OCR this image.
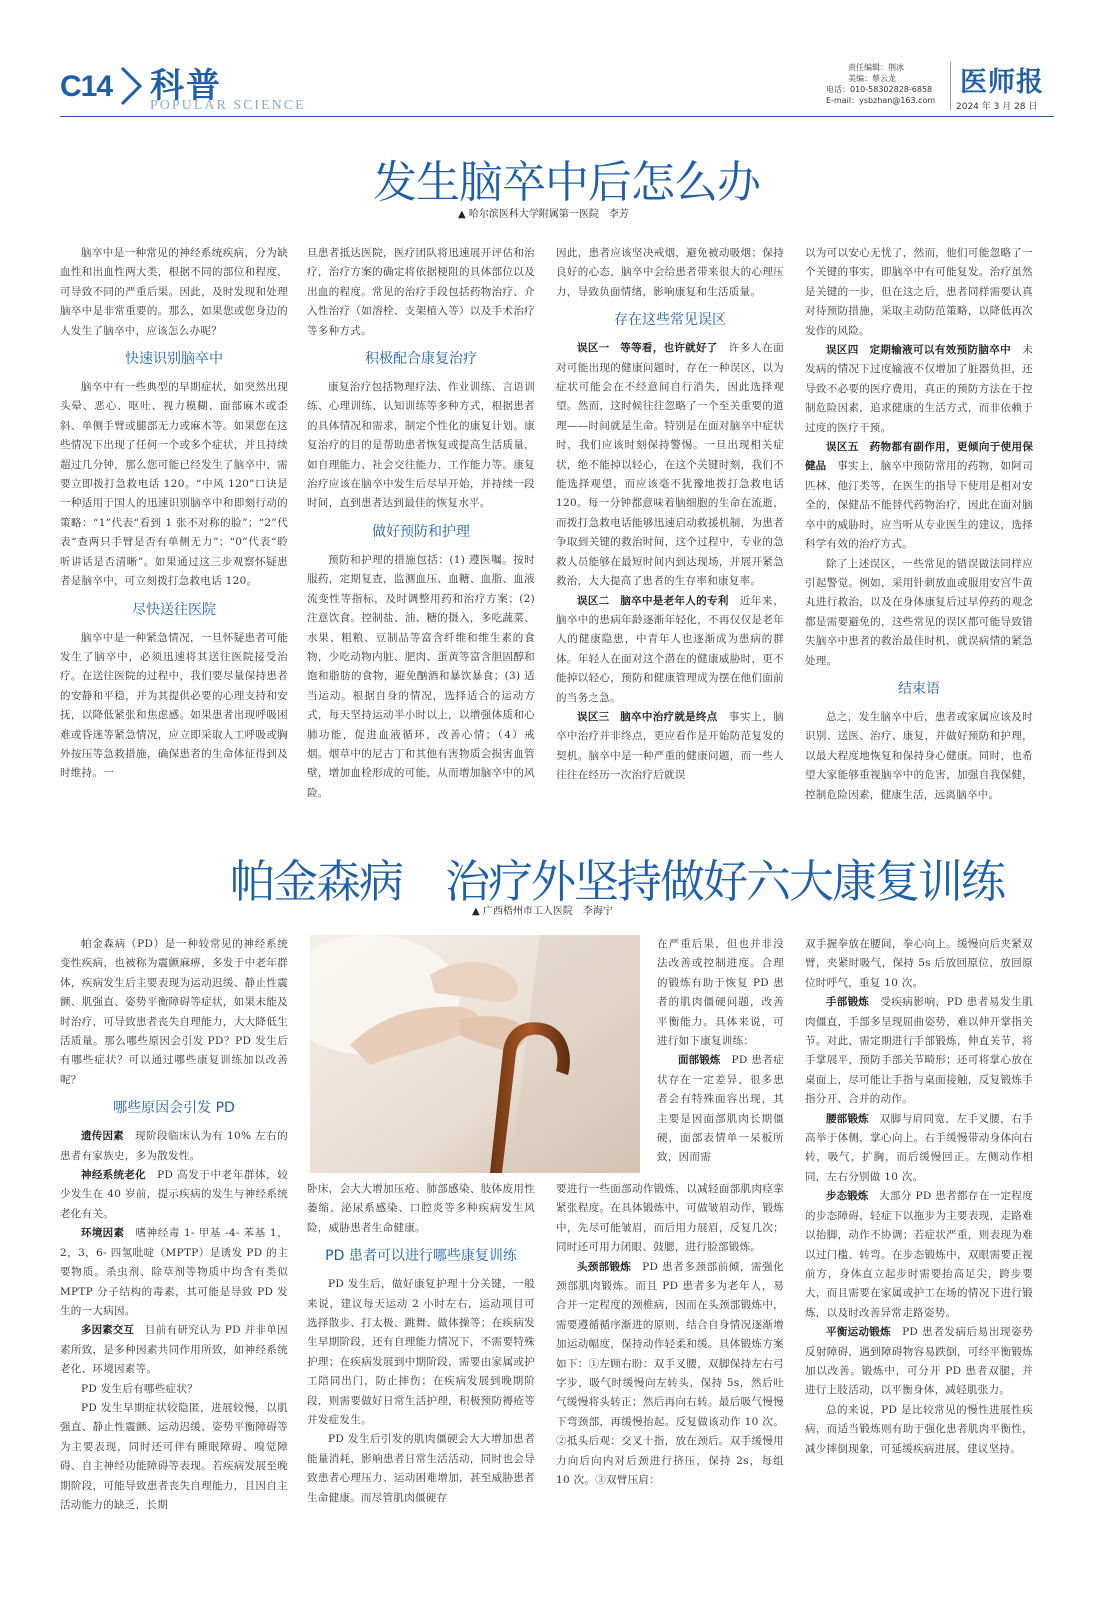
C14 科普
POPULAR SCIENCE
责任编辑：荆冰
美编：蔡云龙
电话：010-58302828-6858
E-mail：ysbzhan@163.com
医师报
2024 年 3 月 28 日
发生脑卒中后怎么办
▲ 哈尔滨医科大学附属第一医院　李芳

脑卒中是一种常见的神经系统疾病，分为缺血性和出血性两大类，根据不同的部位和程度，可导致不同的严重后果。因此，及时发现和处理脑卒中是非常重要的。那么，如果您或您身边的人发生了脑卒中，应该怎么办呢？

快速识别脑卒中

脑卒中有一些典型的早期症状，如突然出现头晕、恶心、呕吐、视力模糊、面部麻木或歪斜、单侧手臂或腿部无力或麻木等。如果您在这些情况下出现了任何一个或多个症状，并且持续超过几分钟，那么您可能已经发生了脑卒中，需要立即拨打急救电话 120。“中风 120”口诀是一种适用于国人的迅速识别脑卒中和即刻行动的策略：“1”代表“看到 1 张不对称的脸”；“2”代表“查两只手臂是否有单侧无力”；“0”代表“聆听讲话是否清晰”。如果通过这三步观察怀疑患者是脑卒中，可立刻拨打急救电话 120。

尽快送往医院

脑卒中是一种紧急情况，一旦怀疑患者可能发生了脑卒中，必须迅速将其送往医院接受治疗。在送往医院的过程中，我们要尽量保持患者的安静和平稳，并为其提供必要的心理支持和安抚，以降低紧张和焦虑感。如果患者出现呼吸困难或昏迷等紧急情况，应立即采取人工呼吸或胸外按压等急救措施，确保患者的生命体征得到及时维持。一

旦患者抵达医院，医疗团队将迅速展开评估和治疗，治疗方案的确定将依据梗阻的具体部位以及出血的程度。常见的治疗手段包括药物治疗、介入性治疗（如溶栓、支架植入等）以及手术治疗等多种方式。

积极配合康复治疗

康复治疗包括物理疗法、作业训练、言语训练、心理训练、认知训练等多种方式，根据患者的具体情况和需求，制定个性化的康复计划。康复治疗的目的是帮助患者恢复或提高生活质量，如自理能力、社会交往能力、工作能力等。康复治疗应该在脑卒中发生后尽早开始，并持续一段时间，直到患者达到最佳的恢复水平。

做好预防和护理

预防和护理的措施包括：(1) 遵医嘱。按时服药，定期复查，监测血压、血糖、血脂、血液流变性等指标，及时调整用药和治疗方案；(2) 注意饮食。控制盐、油、糖的摄入，多吃蔬菜、水果、粗粮、豆制品等富含纤维和维生素的食物，少吃动物内脏、肥肉、蛋黄等富含胆固醇和饱和脂肪的食物，避免酗酒和暴饮暴食；(3) 适当运动。根据自身的情况，选择适合的运动方式，每天坚持运动半小时以上，以增强体质和心肺功能，促进血液循环，改善心情；（4）戒烟。烟草中的尼古丁和其他有害物质会损害血管壁，增加血栓形成的可能，从而增加脑卒中的风险。

因此，患者应该坚决戒烟，避免被动吸烟；保持良好的心态，脑卒中会给患者带来很大的心理压力，导致负面情绪，影响康复和生活质量。

存在这些常见误区

误区一　等等看，也许就好了　 许多人在面对可能出现的健康问题时，存在一种误区，以为症状可能会在不经意间自行消失，因此选择观望。然而，这时候往往忽略了一个至关重要的道理——时间就是生命。特别是在面对脑卒中症状时，我们应该时刻保持警惕。一旦出现相关症状，绝不能掉以轻心，在这个关键时刻，我们不能选择观望，而应该毫不犹豫地拨打急救电话 120。每一分钟都意味着脑细胞的生命在流逝，而拨打急救电话能够迅速启动救援机制，为患者争取到关键的救治时间，这个过程中，专业的急救人员能够在最短时间内到达现场，并展开紧急救治，大大提高了患者的生存率和康复率。

误区二　脑卒中是老年人的专利　 近年来，脑卒中的患病年龄逐渐年轻化，不再仅仅是老年人的健康隐患，中青年人也逐渐成为患病的群体。年轻人在面对这个潜在的健康威胁时，更不能掉以轻心，预防和健康管理成为摆在他们面前的当务之急。

误区三　脑卒中治疗就是终点　 事实上，脑卒中治疗并非终点，更应看作是开始防范复发的契机。脑卒中是一种严重的健康问题，而一些人往往在经历一次治疗后就误

以为可以安心无忧了，然而，他们可能忽略了一个关键的事实，即脑卒中有可能复发。治疗虽然是关键的一步，但在这之后，患者同样需要认真对待预防措施，采取主动防范策略，以降低再次发作的风险。

误区四　定期输液可以有效预防脑卒中　 未发病的情况下过度输液不仅增加了脏器负担，还导致不必要的医疗费用，真正的预防方法在于控制危险因素，追求健康的生活方式，而非依赖于过度的医疗干预。

误区五　药物都有副作用，更倾向于使用保健品　 事实上，脑卒中预防常用的药物，如阿司匹林、他汀类等，在医生的指导下使用是相对安全的，保健品不能替代药物治疗，因此在面对脑卒中的威胁时，应当听从专业医生的建议，选择科学有效的治疗方式。

除了上述误区，一些常见的错误做法同样应引起警觉。例如，采用针刺放血或服用安宫牛黄丸进行救治，以及在身体康复后过早停药的观念都是需要避免的，这些常见的误区都可能导致错失脑卒中患者的救治最佳时机，就误病情的紧急处理。

结束语

总之，发生脑卒中后，患者或家属应该及时识别、送医、治疗、康复，并做好预防和护理，以最大程度地恢复和保持身心健康。同时，也希望大家能够重视脑卒中的危害，加强自我保健，控制危险因素，健康生活，远离脑卒中。

帕金森病　治疗外坚持做好六大康复训练
▲ 广西梧州市工人医院　李海宁

帕金森病（PD）是一种较常见的神经系统变性疾病，也被称为震颤麻痹，多发于中老年群体，疾病发生后主要表现为运动迟缓、静止性震颤、肌强直、姿势平衡障碍等症状，如果未能及时治疗，可导致患者丧失自理能力，大大降低生活质量。那么哪些原因会引发 PD？PD 发生后有哪些症状？可以通过哪些康复训练加以改善呢？

哪些原因会引发 PD

遗传因素　 现阶段临床认为有 10% 左右的患者有家族史，多为散发性。

神经系统老化　 PD 高发于中老年群体，较少发生在 40 岁前，提示疾病的发生与神经系统老化有关。

环境因素　 嗜神经毒 1- 甲基 -4- 苯基 1，2，3，6- 四氢吡啶（MPTP）是诱发 PD 的主要物质。杀虫剂、除草剂等物质中均含有类似 MPTP 分子结构的毒素，其可能是导致 PD 发生的一大病因。

多因素交互　 目前有研究认为 PD 并非单因素所致，是多种因素共同作用所致，如神经系统老化、环境因素等。

PD 发生后有哪些症状？

PD 发生早期症状较隐匿，进展较慢，以肌强直、静止性震颤、运动迟缓、姿势平衡障碍等为主要表现，同时还可伴有睡眠障碍、嗅觉障碍、自主神经功能障碍等表现。若疾病发展至晚期阶段，可能导致患者丧失自理能力，且因自主活动能力的缺乏，长期

卧床，会大大增加压疮、肺部感染、肢体废用性萎缩、泌尿系感染、口腔炎等多种疾病发生风险，威胁患者生命健康。

PD 患者可以进行哪些康复训练

PD 发生后，做好康复护理十分关键，一般来说，建议每天运动 2 小时左右，运动项目可选择散步、打太极、跳舞、做体操等；在疾病发生早期阶段，还有自理能力情况下，不需要特殊护理；在疾病发展到中期阶段，需要由家属或护工陪同出门，防止摔伤；在疾病发展到晚期阶段，则需要做好日常生活护理，积极预防褥疮等并发症发生。

PD 发生后引发的肌肉僵硬会大大增加患者能量消耗，影响患者日常生活活动，同时也会导致患者心理压力、运动困难增加，甚至威胁患者生命健康。而尽管肌肉僵硬存

在严重后果，但也并非没法改善或控制进度。合理的锻炼有助于恢复 PD 患者的肌肉僵硬问题，改善平衡能力。具体来说，可进行如下康复训练：

面部锻炼　 PD 患者症状存在一定差异，很多患者会有特殊面容出现，其主要是因面部肌肉长期僵硬，面部表情单一呆板所致，因而需

要进行一些面部动作锻炼，以减轻面部肌肉痉挛紧张程度。在具体锻炼中，可做皱眉动作，锻炼中，先尽可能皱眉，而后用力展眉，反复几次；同时还可用力闭眼、鼓腮，进行脸部锻炼。

头颈部锻炼　 PD 患者多颈部前倾，需强化颈部肌肉锻炼。而且 PD 患者多为老年人，易合并一定程度的颈椎病，因而在头颈部锻炼中，需要遵循循序渐进的原则，结合自身情况逐渐增加运动幅度，保持动作轻柔和缓。具体锻炼方案如下：①左顾右盼：双手叉腰，双脚保持左右弓字步，吸气时缓慢向左转头，保持 5s，然后吐气缓慢将头转正；然后再向右转。最后吸气慢慢下弯颈部，再缓慢抬起。反复做该动作 10 次。②抵头后观：交叉十指，放在颈后。双手缓慢用力向后向内对后颈进行挤压，保持 2s，每组 10 次。③双臂压肩：

双手握拳放在腰间，拳心向上。缓慢向后夹紧双臂，夹紧时吸气，保持 5s 后放回原位，放回原位时呼气，重复 10 次。

手部锻炼　 受疾病影响，PD 患者易发生肌肉僵直，手部多呈现屈曲姿势，难以伸开掌指关节。对此，需定期进行手部锻炼，伸直关节，将手掌展平，预防手部关节畸形；还可将掌心放在桌面上，尽可能让手指与桌面接触，反复锻炼手指分开、合并的动作。

腰部锻炼　 双脚与肩同宽，左手叉腰，右手高举于体侧，掌心向上。右手缓慢带动身体向右转，吸气，扩胸，而后缓慢回正。左侧动作相同，左右分别做 10 次。

步态锻炼　 大部分 PD 患者都存在一定程度的步态障碍，轻症下以拖步为主要表现，走路难以抬脚，动作不协调；若症状严重，则表现为难以过门槛、转弯。在步态锻炼中，双眼需要正视前方，身体直立起步时需要抬高足尖，跨步要大，而且需要在家属或护工在场的情况下进行锻炼，以及时改善异常走路姿势。

平衡运动锻炼　 PD 患者发病后易出现姿势反射障碍，遇到障碍物容易跌倒，可经平衡锻炼加以改善。锻炼中，可分开 PD 患者双腿，并进行上肢活动，以平衡身体，减轻肌张力。

总的来说，PD 是比较常见的慢性进展性疾病，而适当锻炼则有助于强化患者肌肉平衡性，减少摔倒现象，可延缓疾病进展，建议坚持。
